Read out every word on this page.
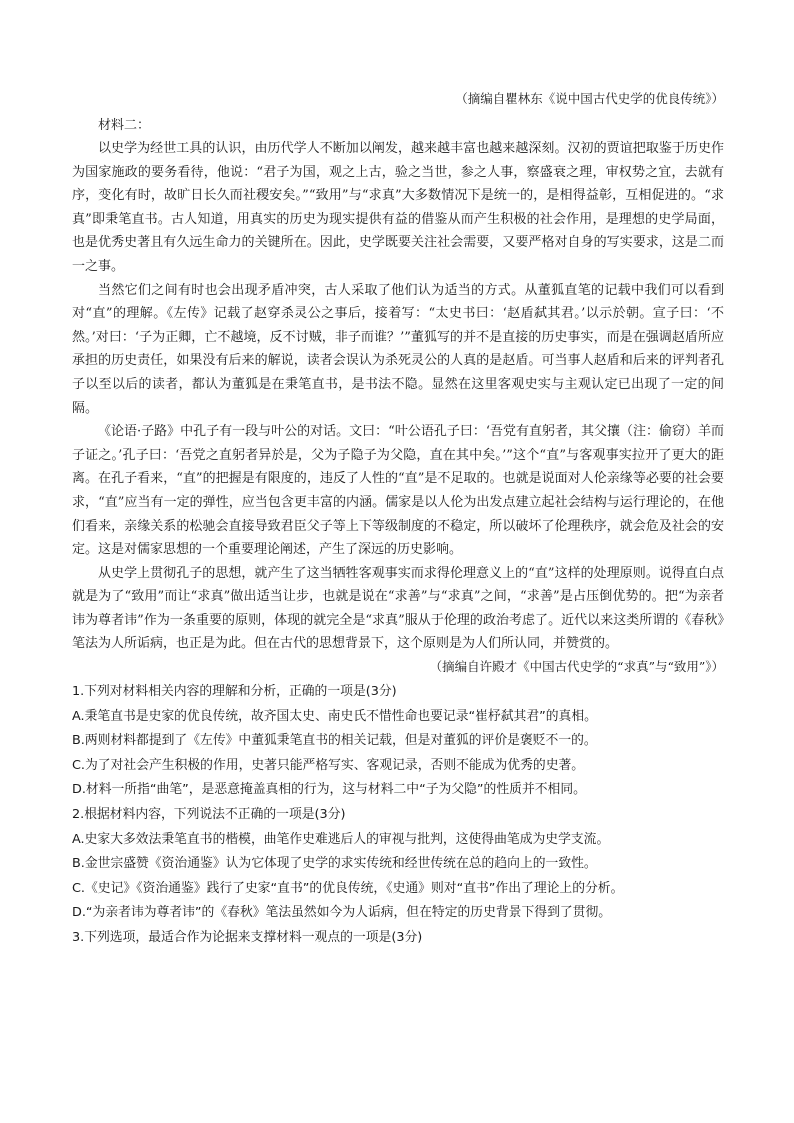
（摘编自瞿林东《说中国古代史学的优良传统》）

材料二：

以史学为经世工具的认识，由历代学人不断加以阐发，越来越丰富也越来越深刻。汉初的贾谊把取鉴于历史作为国家施政的要务看待，他说：“君子为国，观之上古，验之当世，参之人事，察盛衰之理，审权势之宜，去就有序，变化有时，故旷日长久而社稷安矣。”“致用”与“求真”大多数情况下是统一的，是相得益彰，互相促进的。“求真”即秉笔直书。古人知道，用真实的历史为现实提供有益的借鉴从而产生积极的社会作用，是理想的史学局面，也是优秀史著且有久远生命力的关键所在。因此，史学既要关注社会需要，又要严格对自身的写实要求，这是二而一之事。

当然它们之间有时也会出现矛盾冲突，古人采取了他们认为适当的方式。从董狐直笔的记载中我们可以看到对“直”的理解。《左传》记载了赵穿杀灵公之事后，接着写：“太史书曰：‘赵盾弑其君。’以示於朝。宣子曰：‘不然。’对曰：‘子为正卿，亡不越境，反不讨贼，非子而谁？’”董狐写的并不是直接的历史事实，而是在强调赵盾所应承担的历史责任，如果没有后来的解说，读者会误认为杀死灵公的人真的是赵盾。可当事人赵盾和后来的评判者孔子以至以后的读者，都认为董狐是在秉笔直书，是书法不隐。显然在这里客观史实与主观认定已出现了一定的间隔。

《论语·子路》中孔子有一段与叶公的对话。文曰：“叶公语孔子曰：‘吾党有直躬者，其父攘（注：偷窃）羊而子证之。’孔子曰：‘吾党之直躬者异於是，父为子隐子为父隐，直在其中矣。’”这个“直”与客观事实拉开了更大的距离。在孔子看来，“直”的把握是有限度的，违反了人性的“直”是不足取的。也就是说面对人伦亲缘等必要的社会要求，“直”应当有一定的弹性，应当包含更丰富的内涵。儒家是以人伦为出发点建立起社会结构与运行理论的，在他们看来，亲缘关系的松驰会直接导致君臣父子等上下等级制度的不稳定，所以破坏了伦理秩序，就会危及社会的安定。这是对儒家思想的一个重要理论阐述，产生了深远的历史影响。

从史学上贯彻孔子的思想，就产生了这当牺牲客观事实而求得伦理意义上的“直”这样的处理原则。说得直白点就是为了“致用”而让“求真”做出适当让步，也就是说在“求善”与“求真”之间，“求善”是占压倒优势的。把“为亲者讳为尊者讳”作为一条重要的原则，体现的就完全是“求真”服从于伦理的政治考虑了。近代以来这类所谓的《春秋》笔法为人所诟病，也正是为此。但在古代的思想背景下，这个原则是为人们所认同，并赞赏的。

（摘编自许殿才《中国古代史学的“求真”与“致用”》）

1.下列对材料相关内容的理解和分析，正确的一项是(3分)

A.秉笔直书是史家的优良传统，故齐国太史、南史氏不惜性命也要记录“崔杼弑其君”的真相。

B.两则材料都提到了《左传》中董狐秉笔直书的相关记载，但是对董狐的评价是褒贬不一的。

C.为了对社会产生积极的作用，史著只能严格写实、客观记录，否则不能成为优秀的史著。

D.材料一所指“曲笔”，是恶意掩盖真相的行为，这与材料二中“子为父隐”的性质并不相同。

2.根据材料内容，下列说法不正确的一项是(3分)

A.史家大多效法秉笔直书的楷模，曲笔作史难逃后人的审视与批判，这使得曲笔成为史学支流。

B.金世宗盛赞《资治通鉴》认为它体现了史学的求实传统和经世传统在总的趋向上的一致性。

C.《史记》《资治通鉴》践行了史家“直书”的优良传统，《史通》则对“直书”作出了理论上的分析。

D.“为亲者讳为尊者讳”的《春秋》笔法虽然如今为人诟病，但在特定的历史背景下得到了贯彻。

3.下列选项，最适合作为论据来支撑材料一观点的一项是(3分)
